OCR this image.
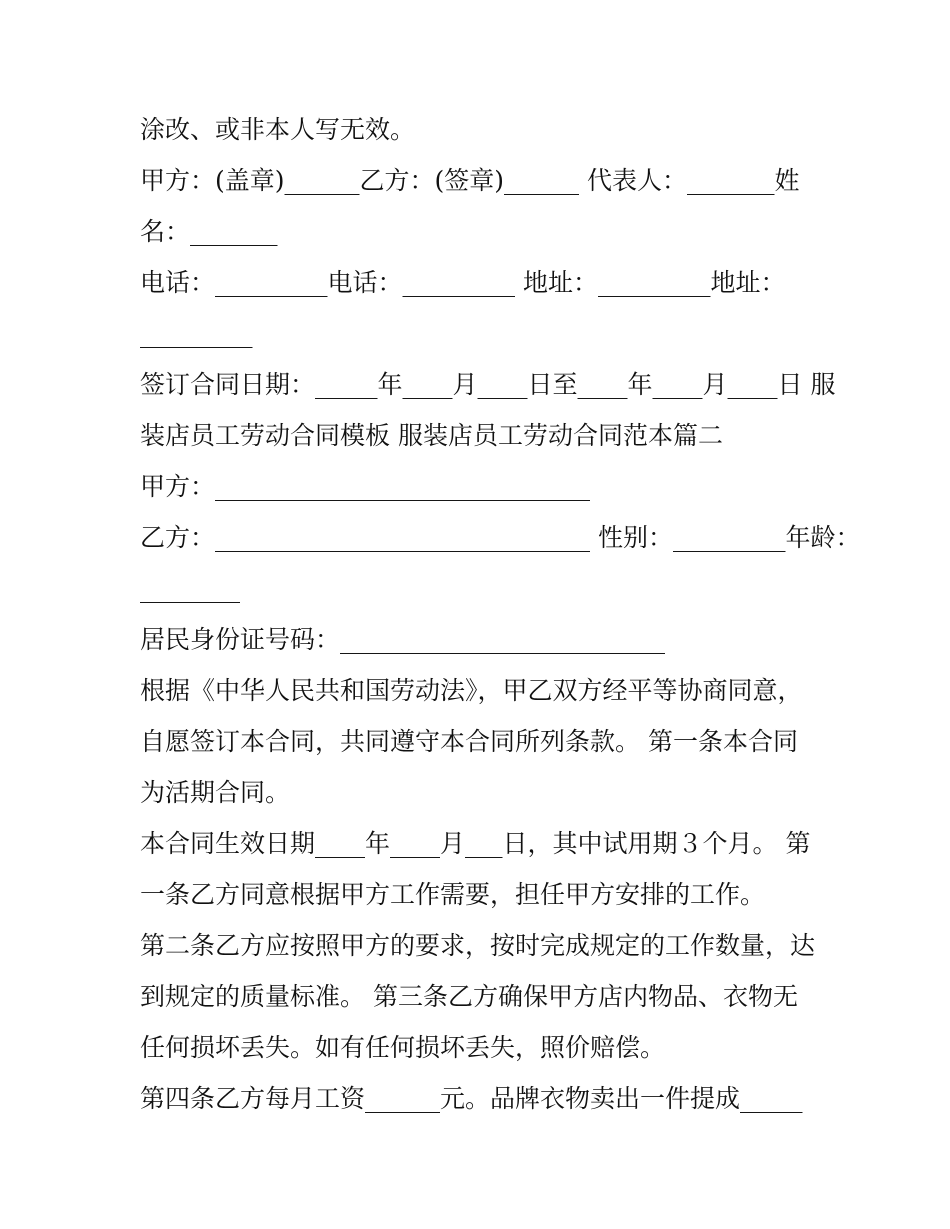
涂改、或非本人写无效。

甲方：(盖章)______乙方：(签章)______ 代表人：_______姓

名：_______

电话：_________电话：_________ 地址：_________地址：

_________

签订合同日期：_____年____月____日至____年____月____日 服

装店员工劳动合同模板 服装店员工劳动合同范本篇二

甲方：______________________________

乙方：______________________________ 性别：_________年龄：

________

居民身份证号码：__________________________

根据《中华人民共和国劳动法》，甲乙双方经平等协商同意，

自愿签订本合同，共同遵守本合同所列条款。 第一条本合同

为活期合同。

本合同生效日期____年____月___日，其中试用期３个月。 第

一条乙方同意根据甲方工作需要，担任甲方安排的工作。

第二条乙方应按照甲方的要求，按时完成规定的工作数量，达

到规定的质量标准。 第三条乙方确保甲方店内物品、衣物无

任何损坏丢失。如有任何损坏丢失，照价赔偿。

第四条乙方每月工资______元。品牌衣物卖出一件提成_____
